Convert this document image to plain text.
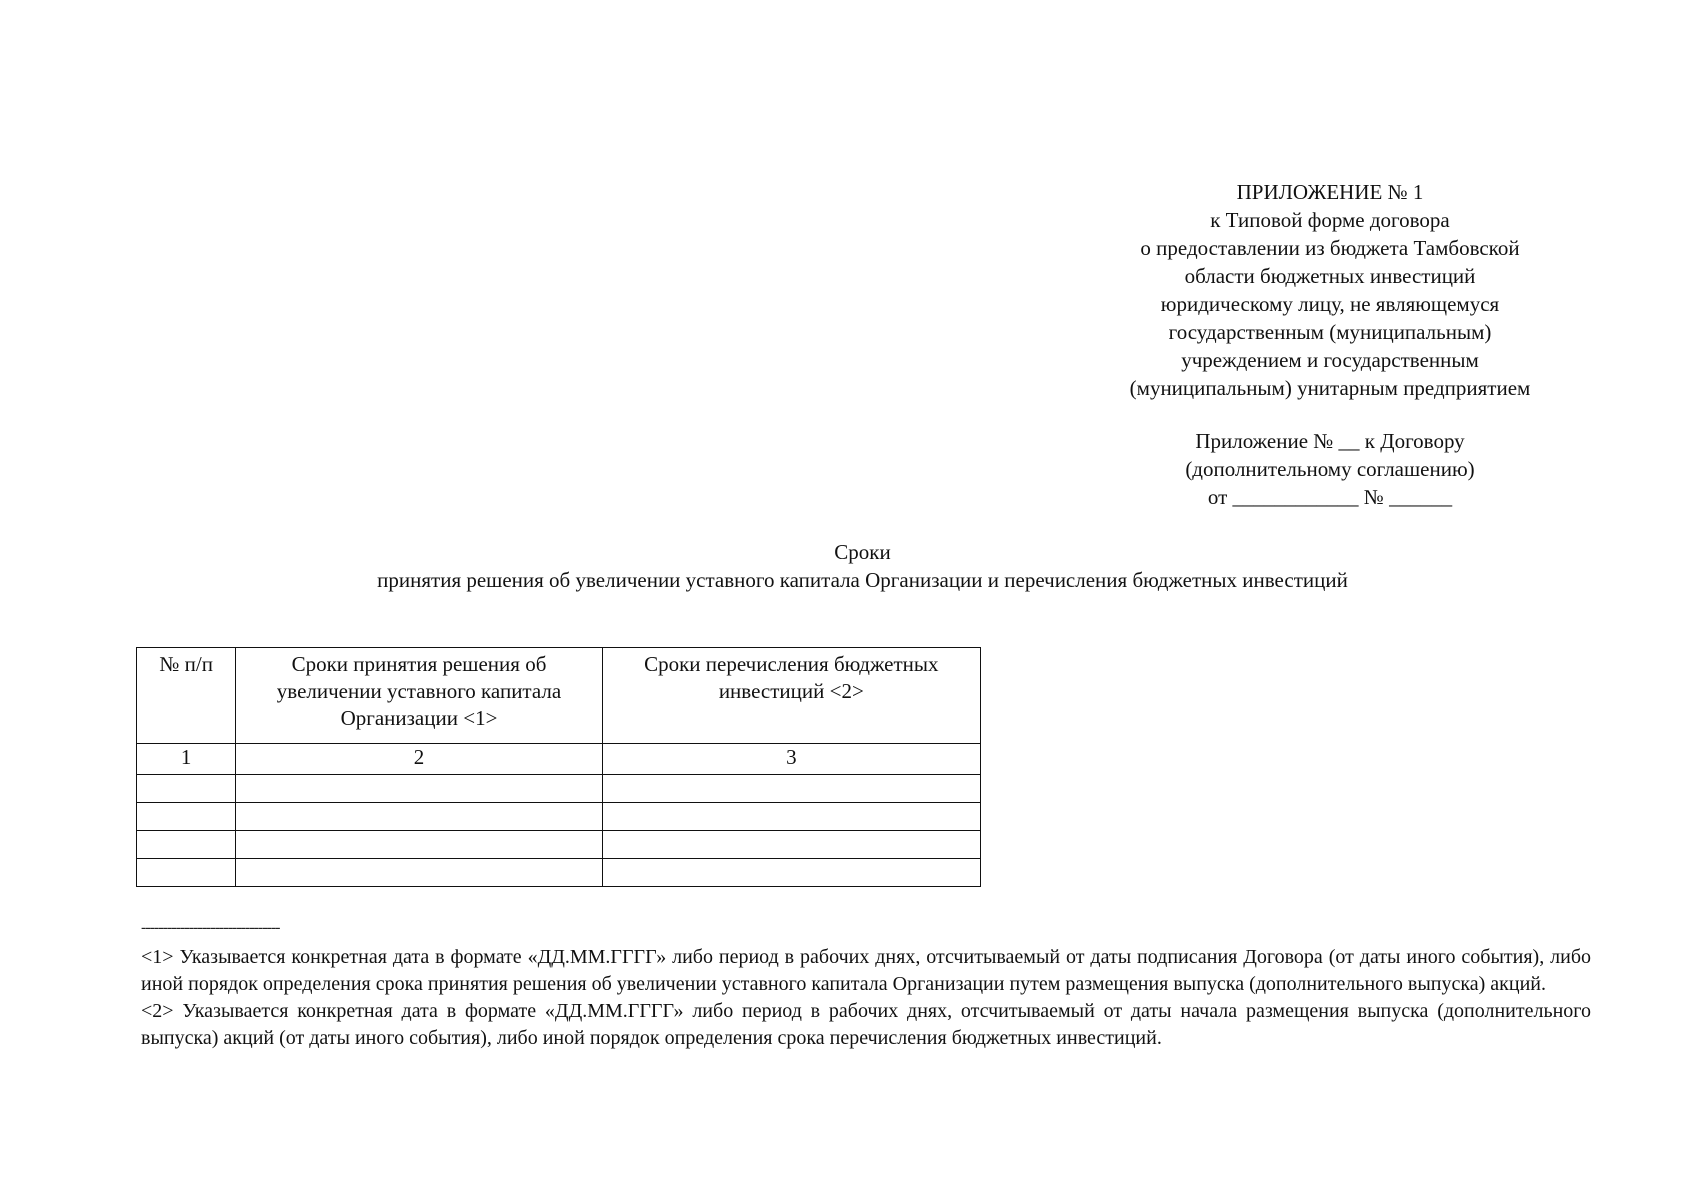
ПРИЛОЖЕНИЕ № 1
к Типовой форме договора
о предоставлении из бюджета Тамбовской
области бюджетных инвестиций
юридическому лицу, не являющемуся
государственным (муниципальным)
учреждением и государственным
(муниципальным) унитарным предприятием
Приложение № __ к Договору
(дополнительному соглашению)
от ____________ № ______
Сроки
принятия решения об увеличении уставного капитала Организации и перечисления бюджетных инвестиций
№ п/п	Сроки принятия решения об увеличении уставного капитала Организации <1>	Сроки перечисления бюджетных инвестиций <2>
1	2	3

--------------------------------

<1> Указывается конкретная дата в формате «ДД.ММ.ГГГГ» либо период в рабочих днях, отсчитываемый от даты подписания Договора (от даты иного события), либо иной порядок определения срока принятия решения об увеличении уставного капитала Организации путем размещения выпуска (дополнительного выпуска) акций.

<2> Указывается конкретная дата в формате «ДД.ММ.ГГГГ» либо период в рабочих днях, отсчитываемый от даты начала размещения выпуска (дополнительного выпуска) акций (от даты иного события), либо иной порядок определения срока перечисления бюджетных инвестиций.
